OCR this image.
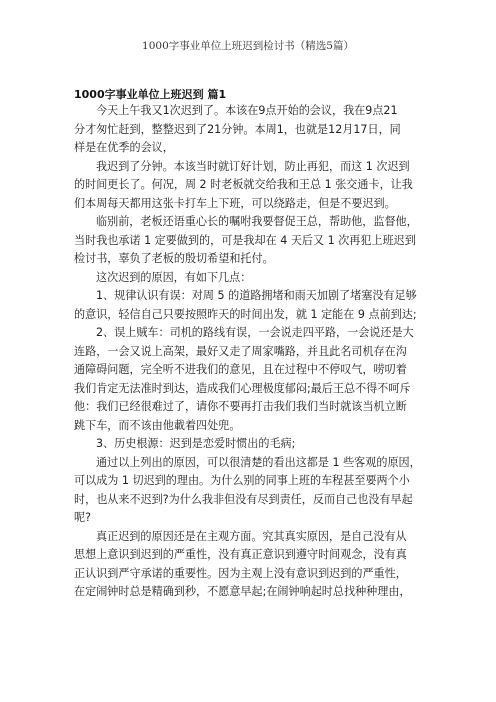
1000字事业单位上班迟到检讨书（精选5篇）
1000字事业单位上班迟到 篇1
今天上午我又1次迟到了。本该在9点开始的会议，我在9点21
分才匆忙赶到，整整迟到了21分钟。本周1，也就是12月17日，同
样是在优季的会议，
我迟到了分钟。本该当时就订好计划，防止再犯，而这 1 次迟到
的时间更长了。何况，周 2 时老板就交给我和王总 1 张交通卡，让我
们本周每天都用这张卡打车上下班，可以绕路走，但是不要迟到。
临别前，老板还语重心长的嘱咐我要督促王总，帮助他，监督他，
当时我也承诺 1 定要做到的，可是我却在 4 天后又 1 次再犯上班迟到
检讨书，辜负了老板的殷切希望和托付。
这次迟到的原因，有如下几点：
1、规律认识有误：对周 5 的道路拥堵和雨天加剧了堵塞没有足够
的意识，轻信自己只要按照昨天的时间出发，就 1 定能在 9 点前到达;
2、误上贼车：司机的路线有误，一会说走四平路，一会说还是大
连路，一会又说上高架，最好又走了周家嘴路，并且此名司机存在沟
通障碍问题，完全听不进我们的意见，且在过程中不停叹气，唠叨着
我们肯定无法准时到达，造成我们心理极度郁闷;最后王总不得不呵斥
他：我们已经很难过了，请你不要再打击我们我们当时就该当机立断
跳下车，而不该由他載着四处兜。
3、历史根源：迟到是恋爱时惯出的毛病;
通过以上列出的原因，可以很清楚的看出这都是 1 些客观的原因，
可以成为 1 切迟到的理由。为什么别的同事上班的车程甚至要两个小
时，也从来不迟到?为什么我非但没有尽到责任，反而自己也没有早起
呢?
真正迟到的原因还是在主观方面。究其真实原因，是自己没有从
思想上意识到迟到的严重性，没有真正意识到遵守时间观念，没有真
正认识到严守承诺的重要性。因为主观上没有意识到迟到的严重性，
在定闹钟时总是精确到秒，不愿意早起;在闹钟响起时总找种种理由，
